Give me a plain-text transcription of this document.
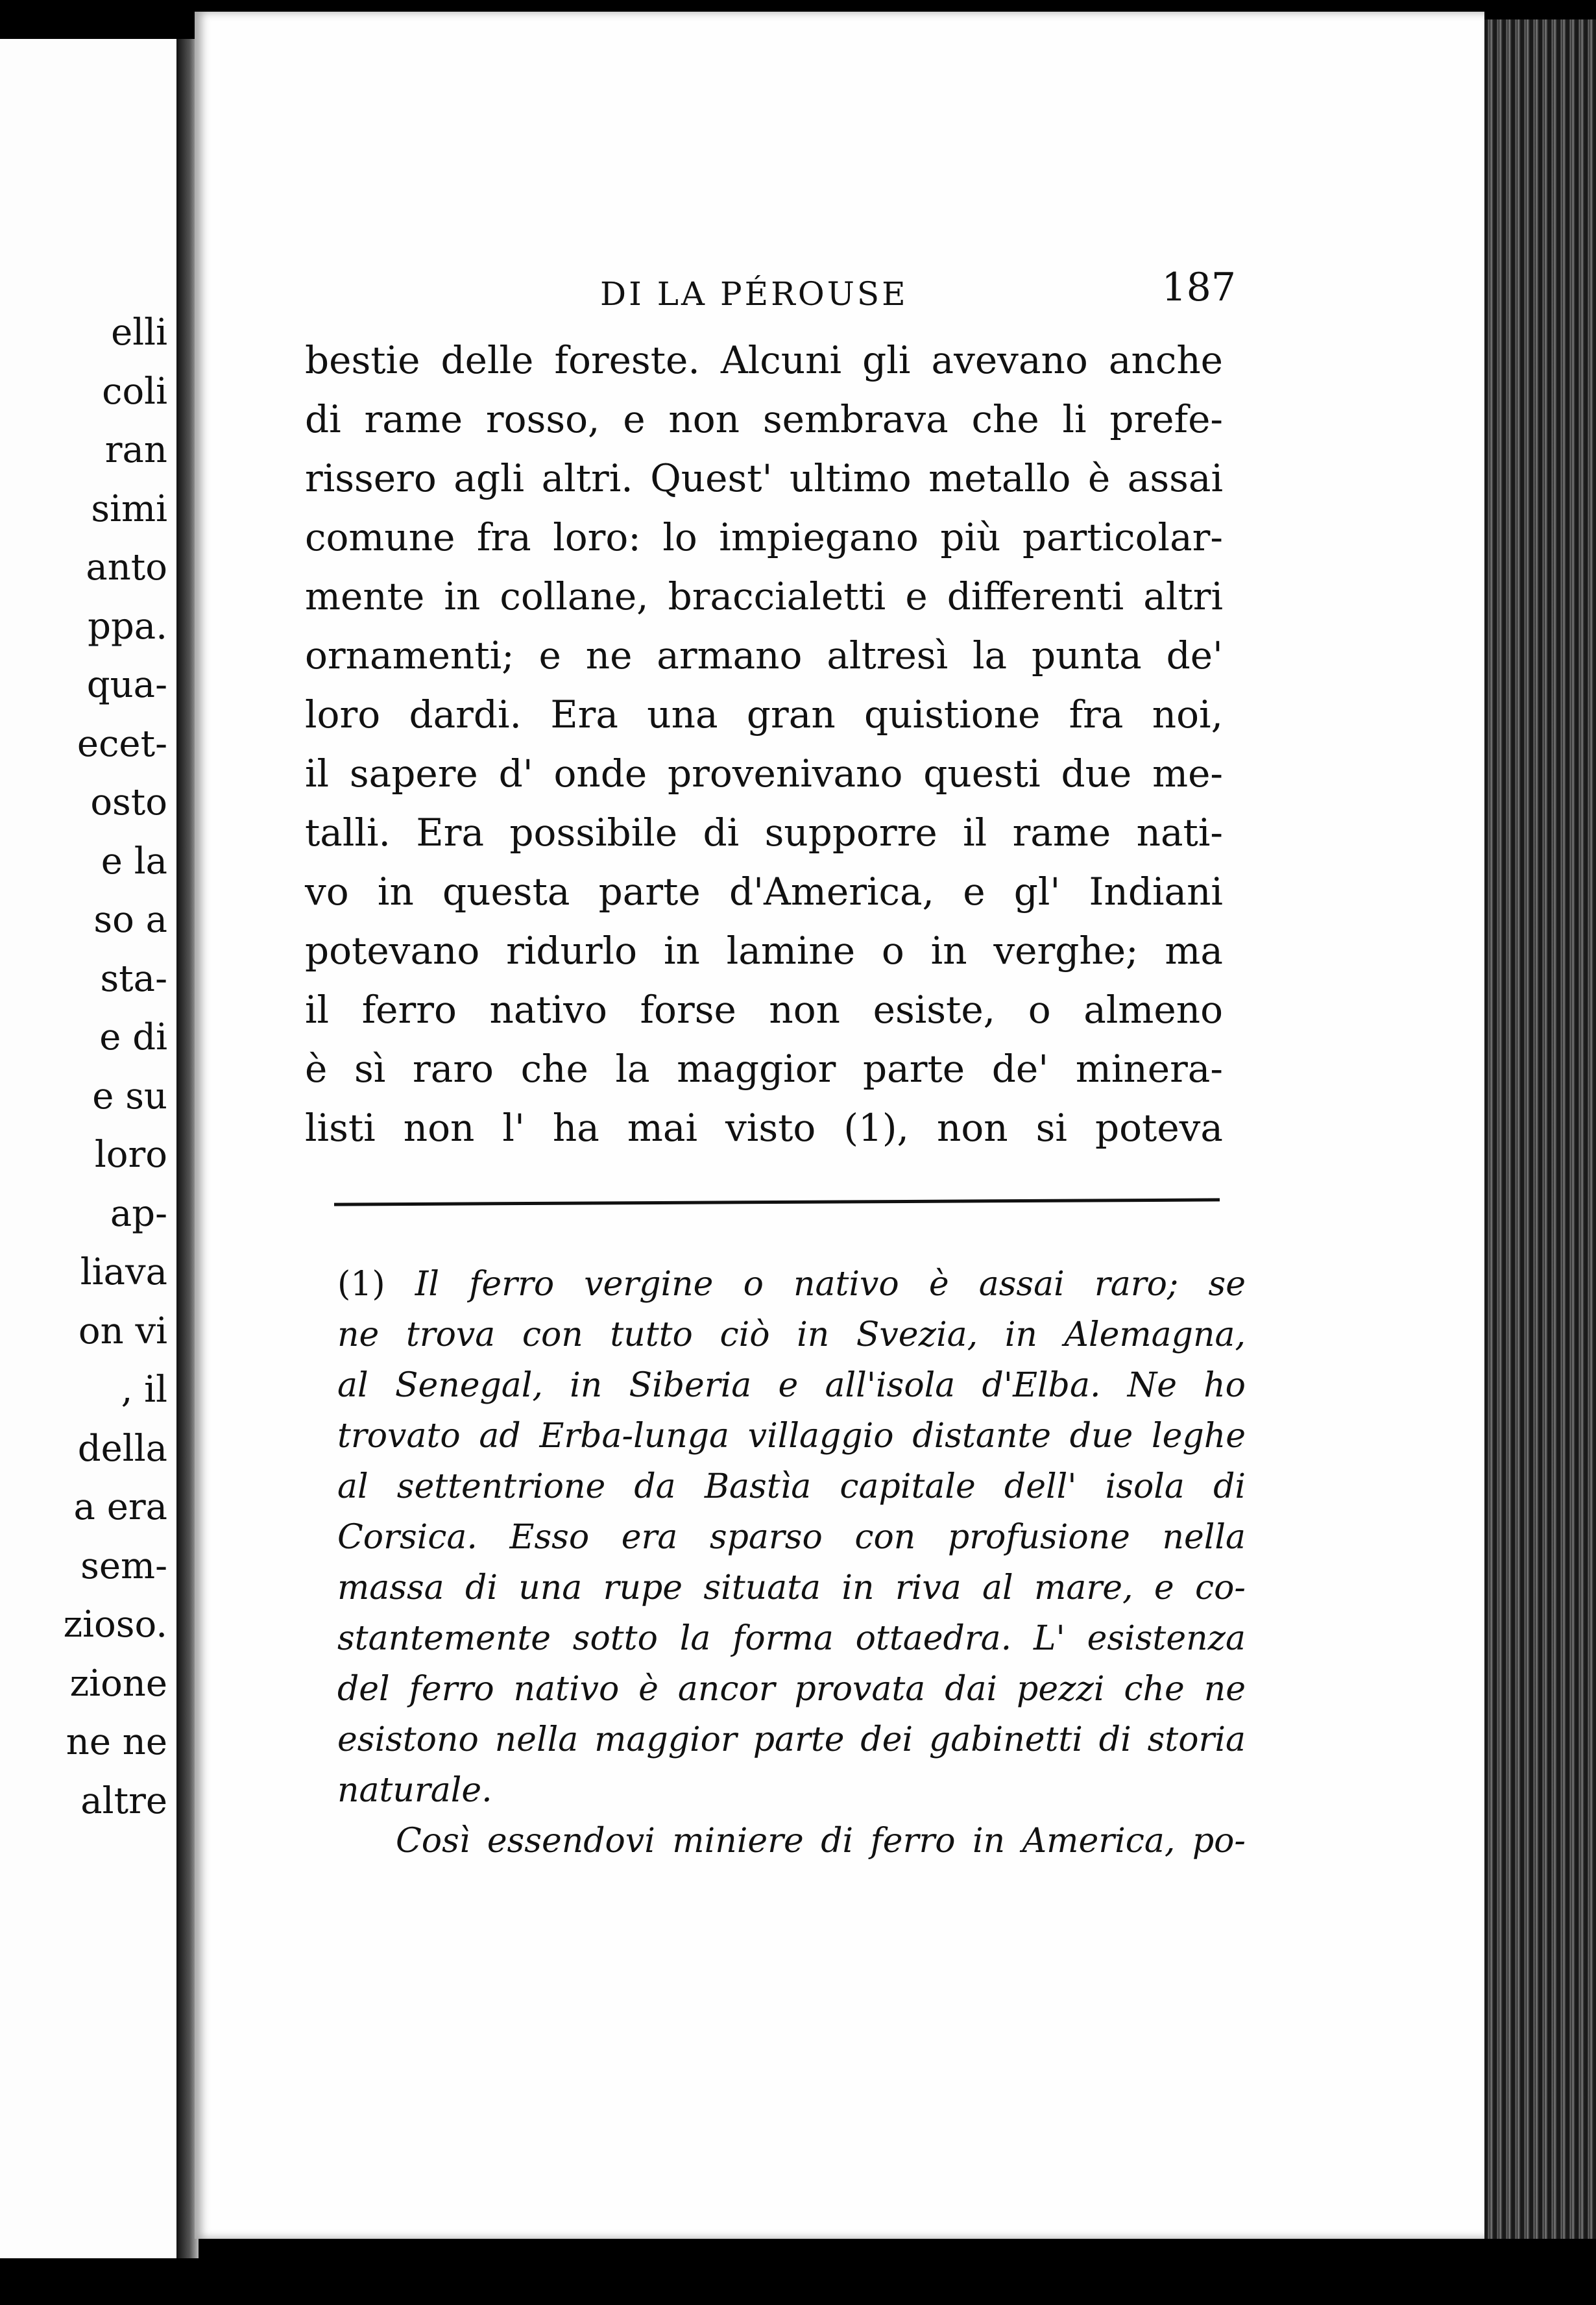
elli
coli
ran
simi
anto
ppa.
qua-
ecet-
osto
e la
so a
sta-
e di
e su
loro
ap-
liava
on vi
, il
della
a era
sem-
zioso.
zione
ne ne
altre
DI LA PÉROUSE	187
bestie delle foreste. Alcuni gli avevano anche
di rame rosso, e non sembrava che li prefe-
rissero agli altri. Quest' ultimo metallo è assai
comune fra loro: lo impiegano più particolar-
mente in collane, braccialetti e differenti altri
ornamenti; e ne armano altresì la punta de'
loro dardi. Era una gran quistione fra noi,
il sapere d' onde provenivano questi due me-
talli. Era possibile di supporre il rame nati-
vo in questa parte d'America, e gl' Indiani
potevano ridurlo in lamine o in verghe; ma
il ferro nativo forse non esiste, o almeno
è sì raro che la maggior parte de' minera-
listi non l' ha mai visto (1), non si poteva
(1) Il ferro vergine o nativo è assai raro; se
ne trova con tutto ciò in Svezia, in Alemagna,
al Senegal, in Siberia e all'isola d'Elba. Ne ho
trovato ad Erba-lunga villaggio distante due leghe
al settentrione da Bastìa capitale dell' isola di
Corsica. Esso era sparso con profusione nella
massa di una rupe situata in riva al mare, e co-
stantemente sotto la forma ottaedra. L' esistenza
del ferro nativo è ancor provata dai pezzi che ne
esistono nella maggior parte dei gabinetti di storia
naturale.
Così essendovi miniere di ferro in America, po-
